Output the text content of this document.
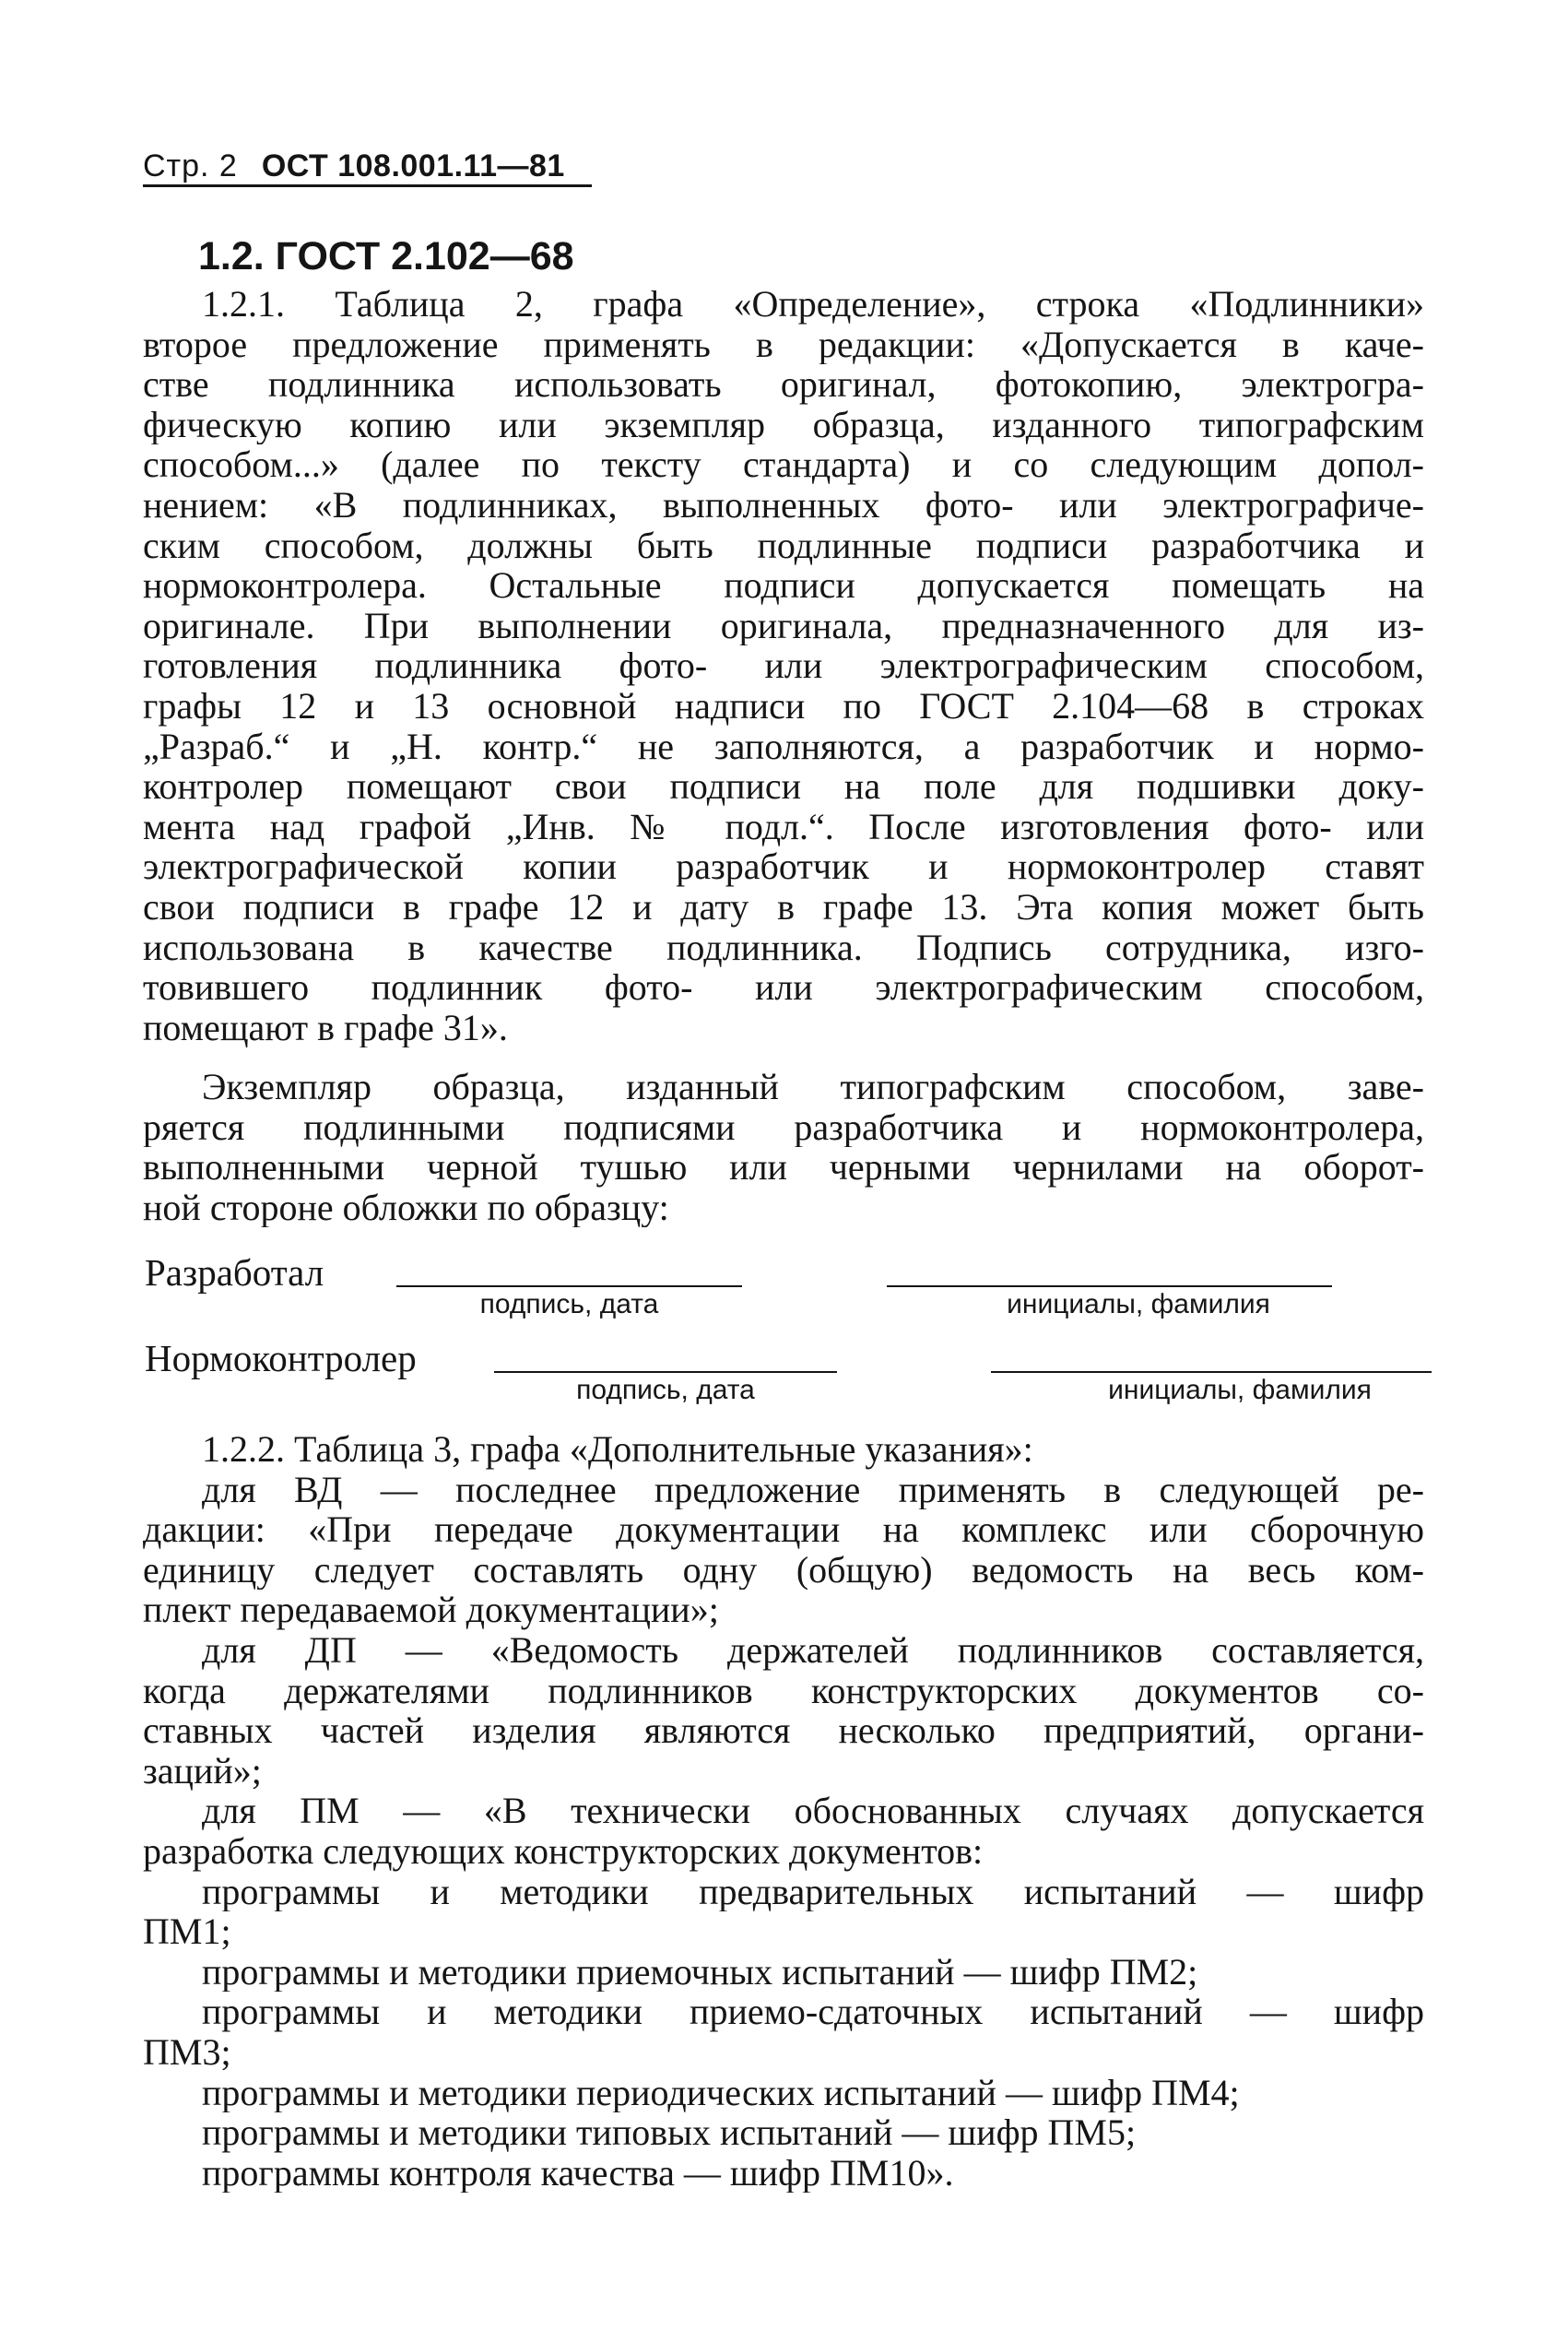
Стр. 2 ОСТ 108.001.11—81
1.2. ГОСТ 2.102—68
1.2.1. Таблица 2, графа «Определение», строка «Подлинники»
второе предложение применять в редакции: «Допускается в каче-
стве подлинника использовать оригинал, фотокопию, электрогра-
фическую копию или экземпляр образца, изданного типографским
способом...» (далее по тексту стандарта) и со следующим допол-
нением: «В подлинниках, выполненных фото- или электрографиче-
ским способом, должны быть подлинные подписи разработчика и
нормоконтролера. Остальные подписи допускается помещать на
оригинале. При выполнении оригинала, предназначенного для из-
готовления подлинника фото- или электрографическим способом,
графы 12 и 13 основной надписи по ГОСТ 2.104—68 в строках
„Разраб.“ и „Н. контр.“ не заполняются, а разработчик и нормо-
контролер помещают свои подписи на поле для подшивки доку-
мента над графой „Инв. № подл.“. После изготовления фото- или
электрографической копии разработчик и нормоконтролер ставят
свои подписи в графе 12 и дату в графе 13. Эта копия может быть
использована в качестве подлинника. Подпись сотрудника, изго-
товившего подлинник фото- или электрографическим способом,
помещают в графе 31».
Экземпляр образца, изданный типографским способом, заве-
ряется подлинными подписями разработчика и нормоконтролера,
выполненными черной тушью или черными чернилами на оборот-
ной стороне обложки по образцу:
Разработал
подпись, дата	инициалы, фамилия
Нормоконтролер
подпись, дата	инициалы, фамилия
1.2.2. Таблица 3, графа «Дополнительные указания»:
для ВД — последнее предложение применять в следующей ре-
дакции: «При передаче документации на комплекс или сборочную
единицу следует составлять одну (общую) ведомость на весь ком-
плект передаваемой документации»;
для ДП — «Ведомость держателей подлинников составляется,
когда держателями подлинников конструкторских документов со-
ставных частей изделия являются несколько предприятий, органи-
заций»;
для ПМ — «В технически обоснованных случаях допускается
разработка следующих конструкторских документов:
программы и методики предварительных испытаний — шифр
ПМ1;
программы и методики приемочных испытаний — шифр ПМ2;
программы и методики приемо-сдаточных испытаний — шифр
ПМ3;
программы и методики периодических испытаний — шифр ПМ4;
программы и методики типовых испытаний — шифр ПМ5;
программы контроля качества — шифр ПМ10».
